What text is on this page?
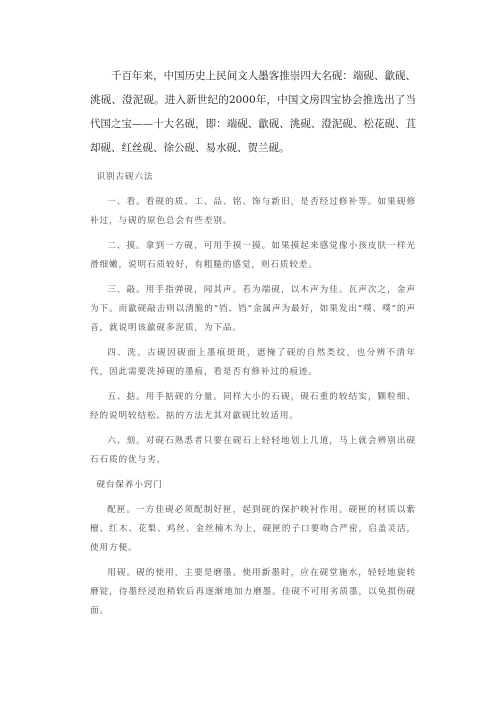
千百年来，中国历史上民间文人墨客推崇四大名砚：端砚、歙砚、洮砚、澄泥砚。进入新世纪的2000年，中国文房四宝协会推选出了当代国之宝——十大名砚，即：端砚、歙砚、洮砚、澄泥砚、松花砚、苴却砚、红丝砚、徐公砚、易水砚、贺兰砚。

识别古砚六法
一、看。看砚的质、工、品、铭、饰与新旧，是否经过修补等。如果砚修补过，与砚的原色总会有些差别。
二、摸。拿到一方砚，可用手摸一摸。如果摸起来感觉像小孩皮肤一样光滑细嫩，说明石质较好，有粗糙的感觉，则石质较差。
三、敲。用手指弹砚，闻其声。若为端砚，以木声为佳。瓦声次之，金声为下。而歙砚敲击则以清脆的“铛、铛”金属声为最好，如果发出“噗、噗”的声音，就说明该歙砚多泥质，为下品。
四、洗。古砚因砚面上墨痕斑斑，遮掩了砚的自然类纹，也分辨不清年代，因此需要洗掉砚的墨痕，看是否有修补过的痕迹。
五、掂。用手掂砚的分量。同样大小的石砚，砚石重的较结实，颗粒细、经的说明较结松。掂的方法尤其对歙砚比较适用。
六、刻。对砚石熟悉者只要在砚石上轻轻地划上几道，马上就会辨别出砚石石质的优与劣。
砚台保养小窍门
配匣。一方佳砚必须配制好匣，起到砚的保护映衬作用。砚匣的材质以紫檀、红木、花梨、鸡丝、金丝楠木为上，砚匣的子口要吻合严密，启盖灵活，使用方便。
用砚。砚的使用，主要是磨墨。使用新墨时，应在砚堂施水，轻轻地旋转磨锭，待墨经浸泡稍软后再逐渐地加力磨墨。佳砚不可用劣质墨，以免损伤砚面。
